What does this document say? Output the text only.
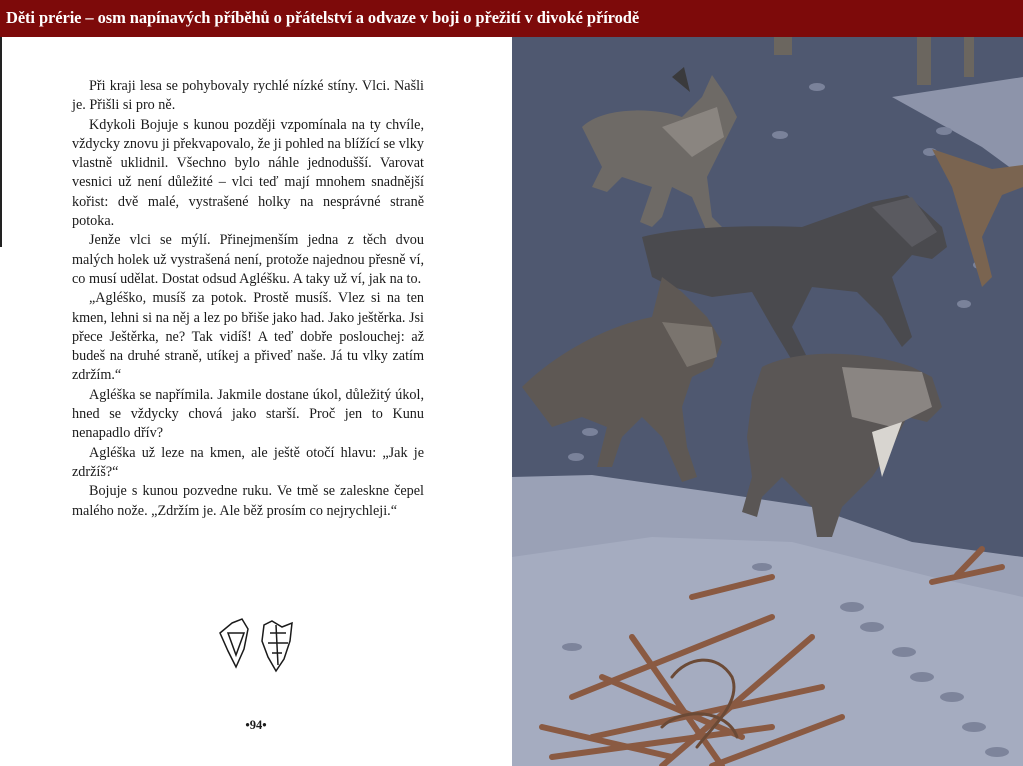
Děti prérie – osm napínavých příběhů o přátelství a odvaze v boji o přežití v divoké přírodě

Při kraji lesa se pohybovaly rychlé nízké stíny. Vlci. Našli je. Přišli si pro ně.

Kdykoli Bojuje s kunou později vzpomínala na ty chvíle, vždycky znovu ji překvapovalo, že ji pohled na blížící se vlky vlastně uklidnil. Všechno bylo náhle jednodušší. Varovat vesnici už není důležité – vlci teď mají mnohem snadnější kořist: dvě malé, vystrašené holky na nesprávné straně potoka.

Jenže vlci se mýlí. Přinejmenším jedna z těch dvou malých holek už vystrašená není, protože najednou přesně ví, co musí udělat. Dostat odsud Agléšku. A taky už ví, jak na to.

„Agléško, musíš za potok. Prostě musíš. Vlez si na ten kmen, lehni si na něj a lez po břiše jako had. Jako ještěrka. Jsi přece Ještěrka, ne? Tak vidíš! A teď dobře poslouchej: až budeš na druhé straně, utíkej a přiveď naše. Já tu vlky zatím zdržím.“

Agléška se napřímila. Jakmile dostane úkol, důležitý úkol, hned se vždycky chová jako starší. Proč jen to Kunu nenapadlo dřív?

Agléška už leze na kmen, ale ještě otočí hlavu: „Jak je zdržíš?“

Bojuje s kunou pozvedne ruku. Ve tmě se zaleskne čepel malého nože. „Zdržím je. Ale běž prosím co nejrychleji.“

•94•
